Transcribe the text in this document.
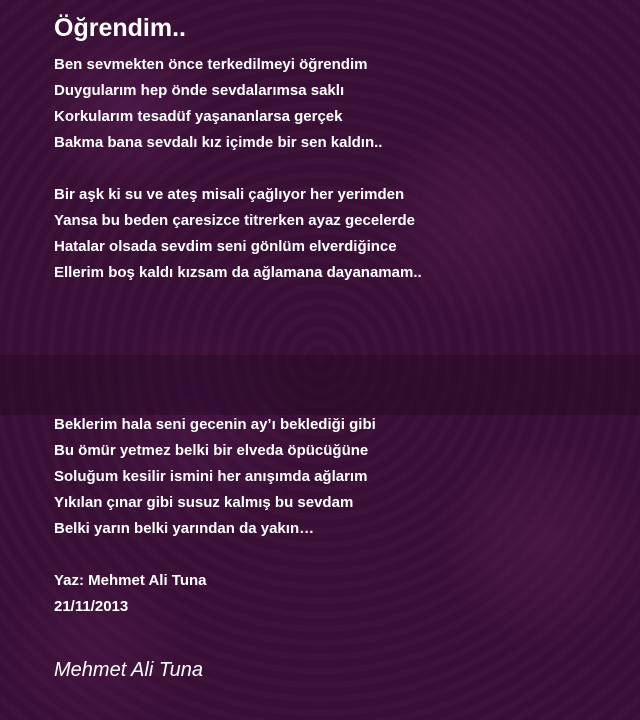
Öğrendim..
Ben sevmekten önce terkedilmeyi öğrendim
Duygularım hep önde sevdalarımsa saklı
Korkularım tesadüf yaşananlarsa gerçek
Bakma bana sevdalı kız içimde bir sen kaldın..
Bir aşk ki su ve ateş misali çağlıyor her yerimden
Yansa bu beden çaresizce titrerken ayaz gecelerde
Hatalar olsada sevdim seni gönlüm elverdiğince
Ellerim boş kaldı kızsam da ağlamana dayanamam..
Beklerim hala seni gecenin ay’ı beklediği gibi
Bu ömür yetmez belki bir elveda öpücüğüne
Soluğum kesilir ismini her anışımda ağlarım
Yıkılan çınar gibi susuz kalmış bu sevdam
Belki yarın belki yarından da yakın…
Yaz: Mehmet Ali Tuna
21/11/2013
Mehmet Ali Tuna
